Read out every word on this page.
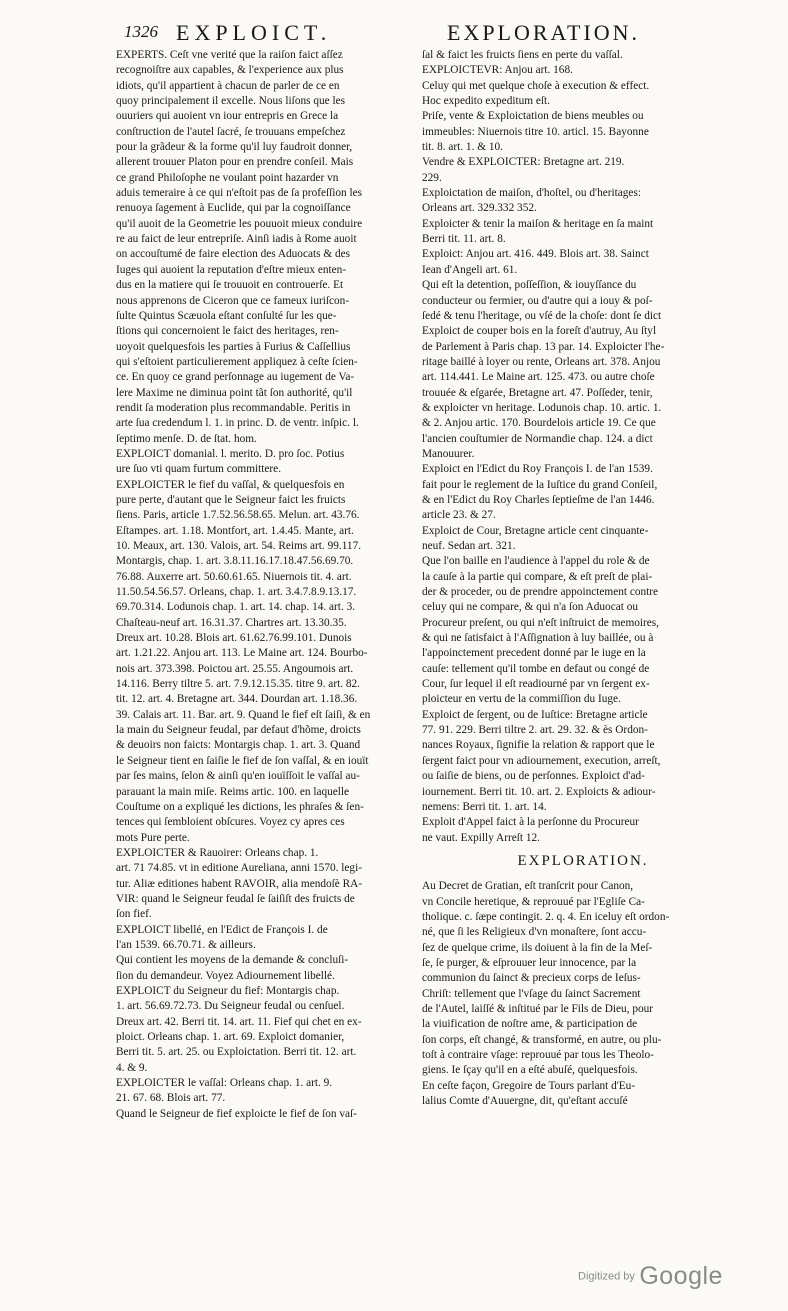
1326 EXPLOICT.	EXPLORATION.

EXPERTS. Ceſt vne verité que la raiſon faict aſſez

recognoiſtre aux capables, & l'experience aux plus

idiots, qu'il appartient à chacun de parler de ce en

quoy principalement il excelle. Nous liſons que les

ouuriers qui auoient vn iour entrepris en Grece la

conſtruction de l'autel ſacré, ſe trouuans empeſchez

pour la grãdeur & la forme qu'il luy faudroit donner,

allerent trouuer Platon pour en prendre conſeil. Mais

ce grand Philoſophe ne voulant point hazarder vn

aduis temeraire à ce qui n'eſtoit pas de ſa profeſſion les

renuoya ſagement à Euclide, qui par la cognoiſſance

qu'il auoit de la Geometrie les pouuoit mieux conduire

re au faict de leur entrepriſe. Ainſi iadis à Rome auoit

on accouſtumé de faire election des Aduocats & des

Iuges qui auoient la reputation d'eſtre mieux enten-

dus en la matiere qui ſe trouuoit en controuerſe. Et

nous apprenons de Ciceron que ce fameux iuriſcon-

ſulte Quintus Scæuola eſtant conſulté ſur les que-

ſtions qui concernoient le faict des heritages, ren-

uoyoit quelquesfois les parties à Furius & Caſſellius

qui s'eſtoient particulierement appliquez à ceſte ſcien-

ce. En quoy ce grand perſonnage au iugement de Va-

lere Maxime ne diminua point tãt ſon authorité, qu'il

rendit ſa moderation plus recommandable. Peritis in

arte ſua credendum l. 1. in princ. D. de ventr. inſpic. l.

ſeptimo menſe. D. de ſtat. hom.

EXPLOICT domanial. l. merito. D. pro ſoc. Potius

ure ſuo vti quam furtum committere.

EXPLOICTER le fief du vaſſal, & quelquesfois en

pure perte, d'autant que le Seigneur faict les fruicts

ſiens. Paris, article 1.7.52.56.58.65. Melun. art. 43.76.

Eſtampes. art. 1.18. Montfort, art. 1.4.45. Mante, art.

10. Meaux, art. 130. Valois, art. 54. Reims art. 99.117.

Montargis, chap. 1. art. 3.8.11.16.17.18.47.56.69.70.

76.88. Auxerre art. 50.60.61.65. Niuernois tit. 4. art.

11.50.54.56.57. Orleans, chap. 1. art. 3.4.7.8.9.13.17.

69.70.314. Lodunois chap. 1. art. 14. chap. 14. art. 3.

Chaſteau-neuf art. 16.31.37. Chartres art. 13.30.35.

Dreux art. 10.28. Blois art. 61.62.76.99.101. Dunois

art. 1.21.22. Anjou art. 113. Le Maine art. 124. Bourbo-

nois art. 373.398. Poictou art. 25.55. Angoumois art.

14.116. Berry tiltre 5. art. 7.9.12.15.35. titre 9. art. 82.

tit. 12. art. 4. Bretagne art. 344. Dourdan art. 1.18.36.

39. Calais art. 11. Bar. art. 9. Quand le fief eſt ſaiſi, & en

la main du Seigneur feudal, par defaut d'hõme, droicts

& deuoirs non faicts: Montargis chap. 1. art. 3. Quand

le Seigneur tient en ſaiſie le fief de ſon vaſſal, & en iouït

par ſes mains, ſelon & ainſi qu'en iouïſſoit le vaſſal au-

parauant la main miſe. Reims artic. 100. en laquelle

Couſtume on a expliqué les dictions, les phraſes & ſen-

tences qui ſembloient obſcures. Voyez cy apres ces

mots Pure perte.

EXPLOICTER & Rauoirer: Orleans chap. 1.

art. 71 74.85. vt in editione Aureliana, anni 1570. legi-

tur. Aliæ editiones habent RAVOIR, alia mendoſè RA-

VIR: quand le Seigneur feudal ſe ſaiſiſt des fruicts de

ſon fief.

EXPLOICT libellé, en l'Edict de François I. de

l'an 1539. 66.70.71. & ailleurs.

Qui contient les moyens de la demande & concluſi-

ſion du demandeur. Voyez Adiournement libellé.

EXPLOICT du Seigneur du fief: Montargis chap.

1. art. 56.69.72.73. Du Seigneur feudal ou cenſuel.

Dreux art. 42. Berri tit. 14. art. 11. Fief qui chet en ex-

ploict. Orleans chap. 1. art. 69. Exploict domanier,

Berri tit. 5. art. 25. ou Exploictation. Berri tit. 12. art.

4. & 9.

EXPLOICTER le vaſſal: Orleans chap. 1. art. 9.

21. 67. 68. Blois art. 77.

Quand le Seigneur de fief exploicte le fief de ſon vaſ-

ſal & faict les fruicts ſiens en perte du vaſſal.

EXPLOICTEVR: Anjou art. 168.

Celuy qui met quelque choſe à execution & effect.

Hoc expedito expeditum eſt.

Priſe, vente & Exploictation de biens meubles ou

immeubles: Niuernois titre 10. articl. 15. Bayonne

tit. 8. art. 1. & 10.

Vendre & EXPLOICTER: Bretagne art. 219.

229.

Exploictation de maiſon, d'hoſtel, ou d'heritages:

Orleans art. 329.332 352.

Exploicter & tenir la maiſon & heritage en ſa maint

Berri tit. 11. art. 8.

Exploict: Anjou art. 416. 449. Blois art. 38. Sainct

Iean d'Angeli art. 61.

Qui eſt la detention, poſſeſſion, & iouyſſance du

conducteur ou fermier, ou d'autre qui a iouy & poſ-

ſedé & tenu l'heritage, ou vſé de la choſe: dont ſe dict

Exploict de couper bois en la foreſt d'autruy, Au ſtyl

de Parlement à Paris chap. 13 par. 14. Exploicter l'he-

ritage baillé à loyer ou rente, Orleans art. 378. Anjou

art. 114.441. Le Maine art. 125. 473. ou autre choſe

trouuée & eſgarée, Bretagne art. 47. Poſſeder, tenir,

& exploicter vn heritage. Lodunois chap. 10. artic. 1.

& 2. Anjou artic. 170. Bourdelois article 19. Ce que

l'ancien couſtumier de Normandie chap. 124. a dict

Manouurer.

Exploict en l'Edict du Roy François I. de l'an 1539.

fait pour le reglement de la Iuſtice du grand Conſeil,

& en l'Edict du Roy Charles ſeptieſme de l'an 1446.

article 23. & 27.

Exploict de Cour, Bretagne article cent cinquante-

neuf. Sedan art. 321.

Que l'on baille en l'audience à l'appel du role & de

la cauſe à la partie qui compare, & eſt preſt de plai-

der & proceder, ou de prendre appoinctement contre

celuy qui ne compare, & qui n'a ſon Aduocat ou

Procureur preſent, ou qui n'eſt inſtruict de memoires,

& qui ne ſatisfaict à l'Aſſignation à luy baillée, ou à

l'appoinctement precedent donné par le iuge en la

cauſe: tellement qu'il tombe en defaut ou congé de

Cour, ſur lequel il eſt readiourné par vn ſergent ex-

ploicteur en vertu de la commiſſion du Iuge.

Exploict de ſergent, ou de Iuſtice: Bretagne article

77. 91. 229. Berri tiltre 2. art. 29. 32. & ès Ordon-

nances Royaux, ſignifie la relation & rapport que le

ſergent faict pour vn adiournement, execution, arreſt,

ou ſaiſie de biens, ou de perſonnes. Exploict d'ad-

iournement. Berri tit. 10. art. 2. Exploicts & adiour-

nemens: Berri tit. 1. art. 14.

Exploit d'Appel faict à la perſonne du Procureur

ne vaut. Expilly Arreſt 12.

EXPLORATION.

Au Decret de Gratian, eſt tranſcrit pour Canon,

vn Concile heretique, & reprouué par l'Egliſe Ca-

tholique. c. ſæpe contingit. 2. q. 4. En iceluy eſt ordon-

né, que ſi les Religieux d'vn monaſtere, ſont accu-

ſez de quelque crime, ils doiuent à la fin de la Meſ-

ſe, ſe purger, & eſprouuer leur innocence, par la

communion du ſainct & precieux corps de Ieſus-

Chriſt: tellement que l'vſage du ſainct Sacrement

de l'Autel, laiſſé & inſtitué par le Fils de Dieu, pour

la viuification de noſtre ame, & participation de

ſon corps, eſt changé, & transformé, en autre, ou plu-

toſt à contraire vſage: reprouué par tous les Theolo-

giens. Ie ſçay qu'il en a eſté abuſé, quelquesfois.

En ceſte façon, Gregoire de Tours parlant d'Eu-

lalius Comte d'Auuergne, dit, qu'eſtant accuſé

Digitized by Google
